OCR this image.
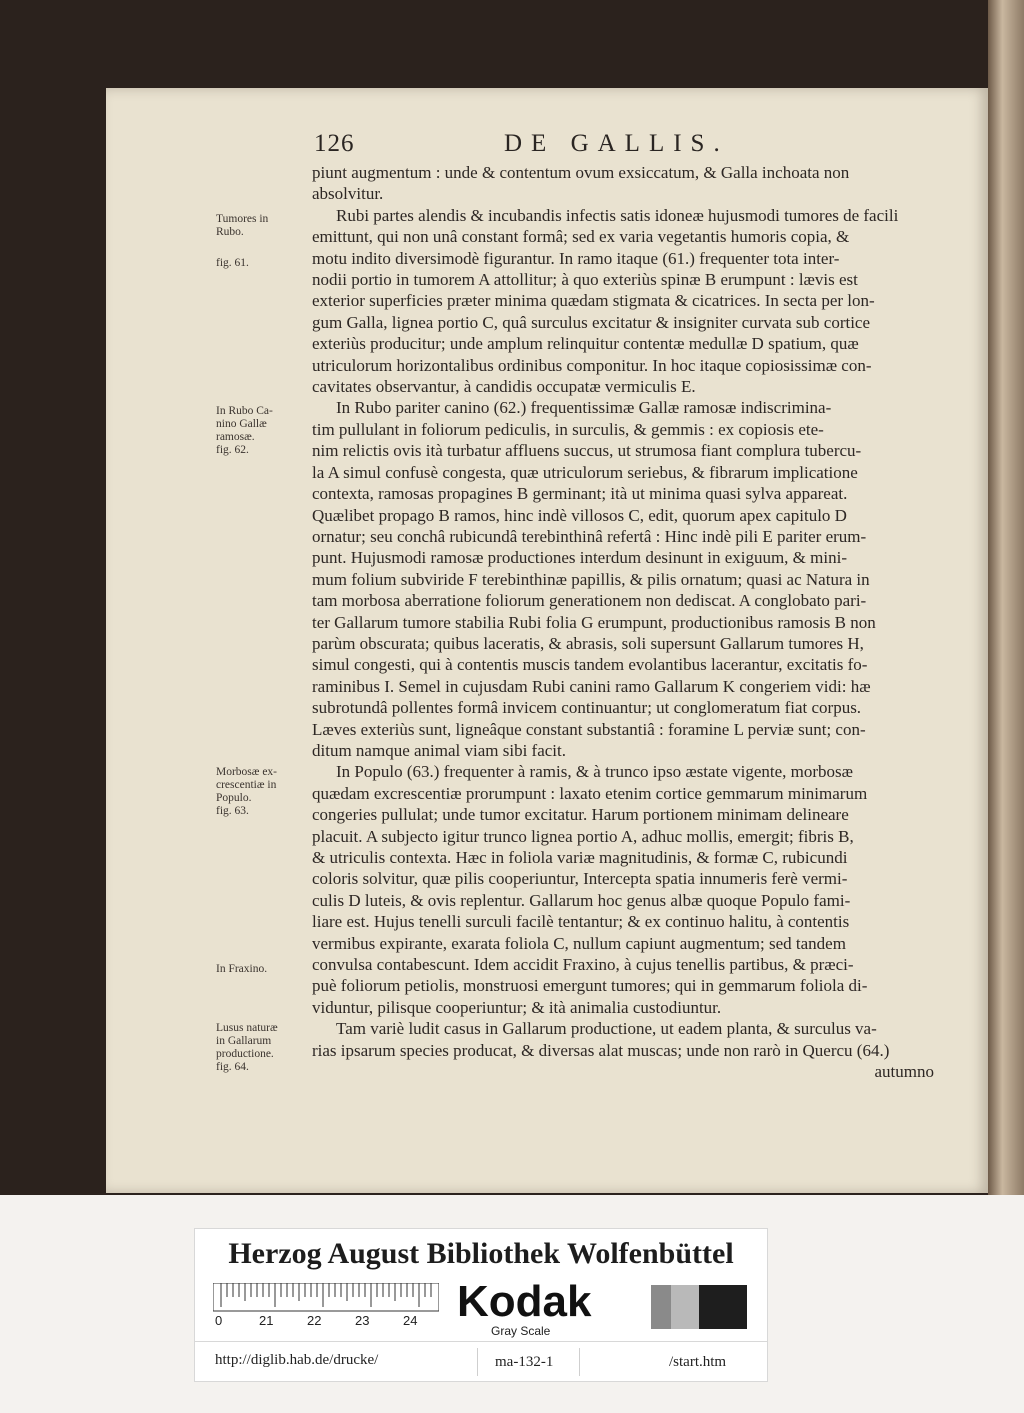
126	DE GALLIS.
Tumores in
Rubo.
fig. 61.
In Rubo Ca-
nino Gallæ
ramosæ.
fig. 62.
Morbosæ ex-
crescentiæ in
Populo.
fig. 63.
In Fraxino.
Lusus naturæ
in Gallarum
productione.
fig. 64.
piunt augmentum : unde & contentum ovum exsiccatum, & Galla inchoata non
absolvitur.
Rubi partes alendis & incubandis infectis satis idoneæ hujusmodi tumores de facili
emittunt, qui non unâ constant formâ; sed ex varia vegetantis humoris copia, &
motu indito diversimodè figurantur. In ramo itaque (61.) frequenter tota inter-
nodii portio in tumorem A attollitur; à quo exteriùs spinæ B erumpunt : lævis est
exterior superficies præter minima quædam stigmata & cicatrices. In secta per lon-
gum Galla, lignea portio C, quâ surculus excitatur & insigniter curvata sub cortice
exteriùs producitur; unde amplum relinquitur contentæ medullæ D spatium, quæ
utriculorum horizontalibus ordinibus componitur. In hoc itaque copiosissimæ con-
cavitates observantur, à candidis occupatæ vermiculis E.
In Rubo pariter canino (62.) frequentissimæ Gallæ ramosæ indiscrimina-
tim pullulant in foliorum pediculis, in surculis, & gemmis : ex copiosis ete-
nim relictis ovis ità turbatur affluens succus, ut strumosa fiant complura tubercu-
la A simul confusè congesta, quæ utriculorum seriebus, & fibrarum implicatione
contexta, ramosas propagines B germinant; ità ut minima quasi sylva appareat.
Quælibet propago B ramos, hinc indè villosos C, edit, quorum apex capitulo D
ornatur; seu conchâ rubicundâ terebinthinâ refertâ : Hinc indè pili E pariter erum-
punt. Hujusmodi ramosæ productiones interdum desinunt in exiguum, & mini-
mum folium subviride F terebinthinæ papillis, & pilis ornatum; quasi ac Natura in
tam morbosa aberratione foliorum generationem non dediscat. A conglobato pari-
ter Gallarum tumore stabilia Rubi folia G erumpunt, productionibus ramosis B non
parùm obscurata; quibus laceratis, & abrasis, soli supersunt Gallarum tumores H,
simul congesti, qui à contentis muscis tandem evolantibus lacerantur, excitatis fo-
raminibus I. Semel in cujusdam Rubi canini ramo Gallarum K congeriem vidi: hæ
subrotundâ pollentes formâ invicem continuantur; ut conglomeratum fiat corpus.
Læves exteriùs sunt, ligneâque constant substantiâ : foramine L perviæ sunt; con-
ditum namque animal viam sibi facit.
In Populo (63.) frequenter à ramis, & à trunco ipso æstate vigente, morbosæ
quædam excrescentiæ prorumpunt : laxato etenim cortice gemmarum minimarum
congeries pullulat; unde tumor excitatur. Harum portionem minimam delineare
placuit. A subjecto igitur trunco lignea portio A, adhuc mollis, emergit; fibris B,
& utriculis contexta. Hæc in foliola variæ magnitudinis, & formæ C, rubicundi
coloris solvitur, quæ pilis cooperiuntur, Intercepta spatia innumeris ferè vermi-
culis D luteis, & ovis replentur. Gallarum hoc genus albæ quoque Populo fami-
liare est. Hujus tenelli surculi facilè tentantur; & ex continuo halitu, à contentis
vermibus expirante, exarata foliola C, nullum capiunt augmentum; sed tandem
convulsa contabescunt. Idem accidit Fraxino, à cujus tenellis partibus, & præci-
puè foliorum petiolis, monstruosi emergunt tumores; qui in gemmarum foliola di-
viduntur, pilisque cooperiuntur; & ità animalia custodiuntur.
Tam variè ludit casus in Gallarum productione, ut eadem planta, & surculus va-
rias ipsarum species producat, & diversas alat muscas; unde non rarò in Quercu (64.)
autumno
Herzog August Bibliothek Wolfenbüttel
0	21	22	23	24 Kodak
Gray Scale
http://diglib.hab.de/drucke/	ma-132-1	/start.htm
